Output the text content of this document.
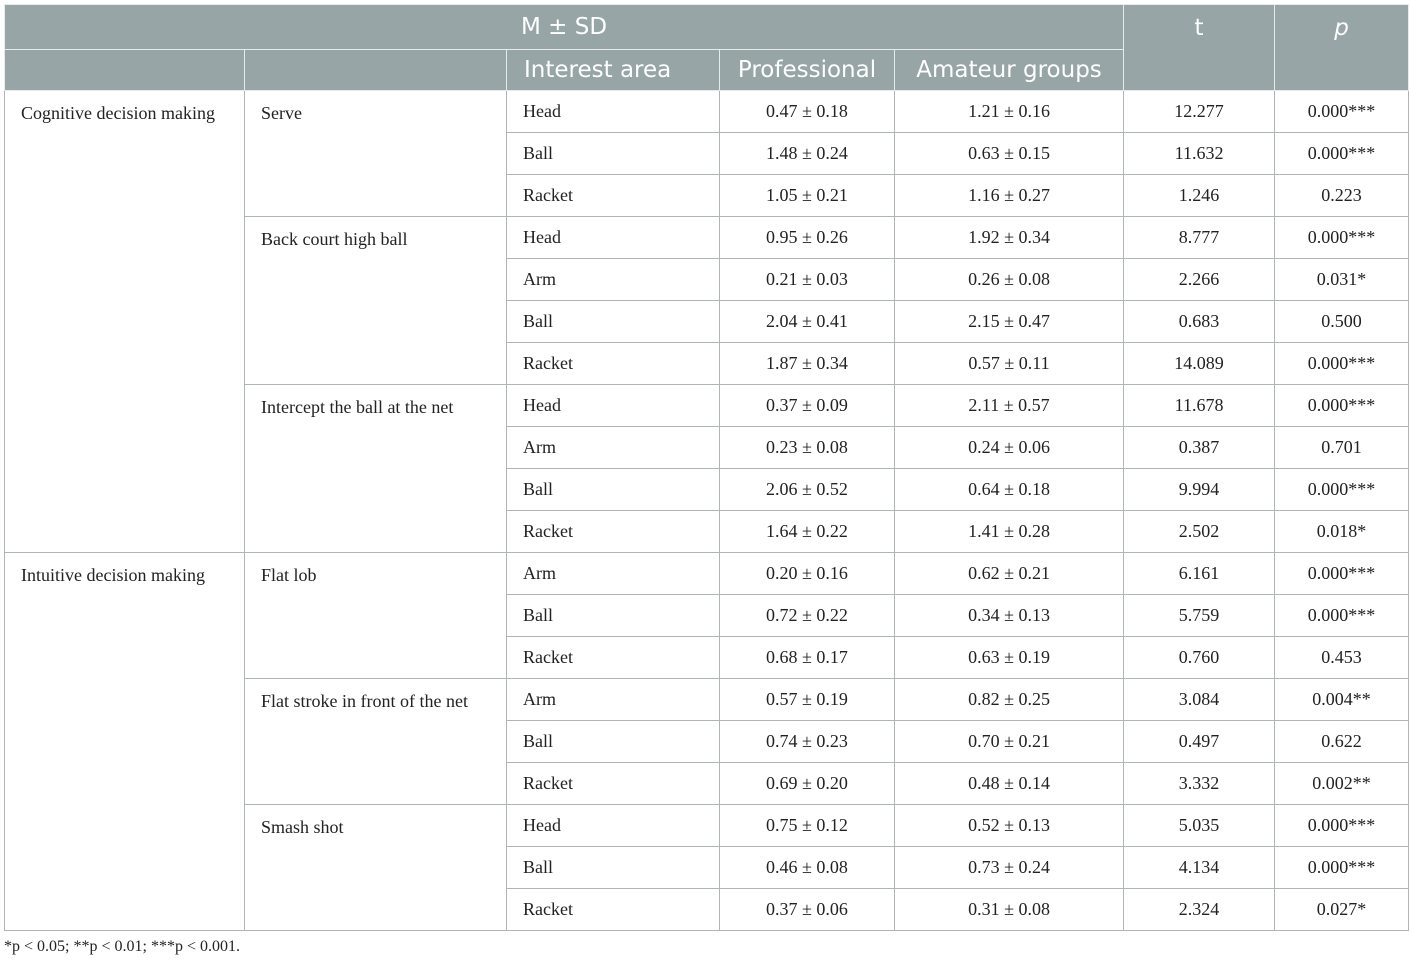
M ± SD					t	p
		Interest area	Professional	Amateur groups		
Cognitive decision making	Serve	Head	0.47 ± 0.18	1.21 ± 0.16	12.277	0.000***
		Ball	1.48 ± 0.24	0.63 ± 0.15	11.632	0.000***
		Racket	1.05 ± 0.21	1.16 ± 0.27	1.246	0.223
	Back court high ball	Head	0.95 ± 0.26	1.92 ± 0.34	8.777	0.000***
		Arm	0.21 ± 0.03	0.26 ± 0.08	2.266	0.031*
		Ball	2.04 ± 0.41	2.15 ± 0.47	0.683	0.500
		Racket	1.87 ± 0.34	0.57 ± 0.11	14.089	0.000***
	Intercept the ball at the net	Head	0.37 ± 0.09	2.11 ± 0.57	11.678	0.000***
		Arm	0.23 ± 0.08	0.24 ± 0.06	0.387	0.701
		Ball	2.06 ± 0.52	0.64 ± 0.18	9.994	0.000***
		Racket	1.64 ± 0.22	1.41 ± 0.28	2.502	0.018*
Intuitive decision making	Flat lob	Arm	0.20 ± 0.16	0.62 ± 0.21	6.161	0.000***
		Ball	0.72 ± 0.22	0.34 ± 0.13	5.759	0.000***
		Racket	0.68 ± 0.17	0.63 ± 0.19	0.760	0.453
	Flat stroke in front of the net	Arm	0.57 ± 0.19	0.82 ± 0.25	3.084	0.004**
		Ball	0.74 ± 0.23	0.70 ± 0.21	0.497	0.622
		Racket	0.69 ± 0.20	0.48 ± 0.14	3.332	0.002**
	Smash shot	Head	0.75 ± 0.12	0.52 ± 0.13	5.035	0.000***
		Ball	0.46 ± 0.08	0.73 ± 0.24	4.134	0.000***
		Racket	0.37 ± 0.06	0.31 ± 0.08	2.324	0.027*
*p < 0.05; **p < 0.01; ***p < 0.001.
